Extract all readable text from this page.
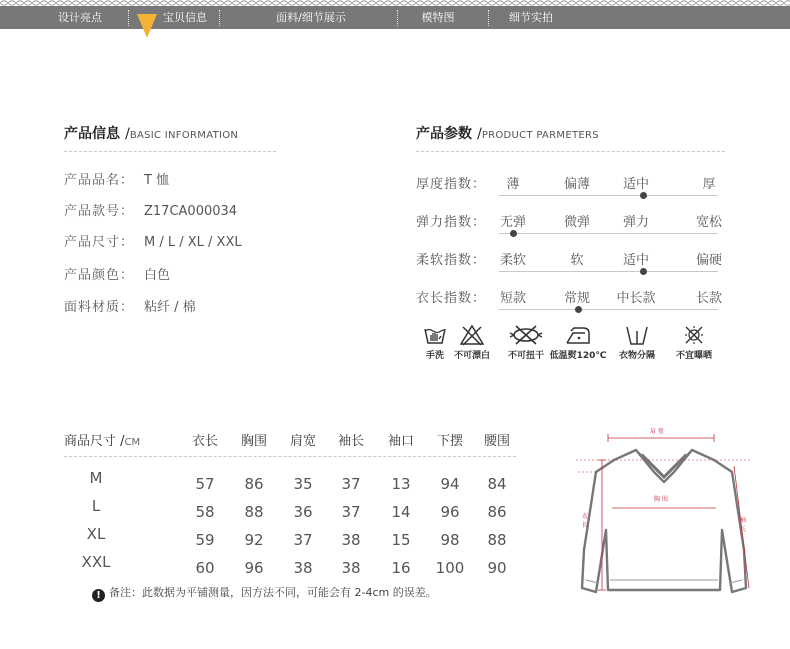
设计亮点	宝贝信息	面料/细节展示	模特图	细节实拍
产品信息 /BASIC INFORMATION
产品品名： T 恤
产品款号： Z17CA000034
产品尺寸： M / L / XL / XXL
产品颜色： 白色
面料材质： 粘纤 / 棉
产品参数 /PRODUCT PARMETERS
厚度指数： 薄	偏薄	适中	厚
弹力指数： 无弹	微弹	弹力	宽松
柔软指数： 柔软	软	适中	偏硬
衣长指数： 短款	常规 中长款	长款
手洗 不可漂白 不可扭干 低温熨120℃ 衣物分隔 不宜曝晒
商品尺寸 /CM	衣长 胸围 肩宽 袖长 袖口 下摆 腰围
M	57 86 35 37 13 94 84
L	58 88 36 37 14 96 86
XL	59 92 37 38 15 98 88
XXL	60 96 38 38 16 100 90
! 备注：此数据为平铺测量，因方法不同，可能会有 2-4cm 的误差。
肩 宽
胸 围
衣长
袖长
